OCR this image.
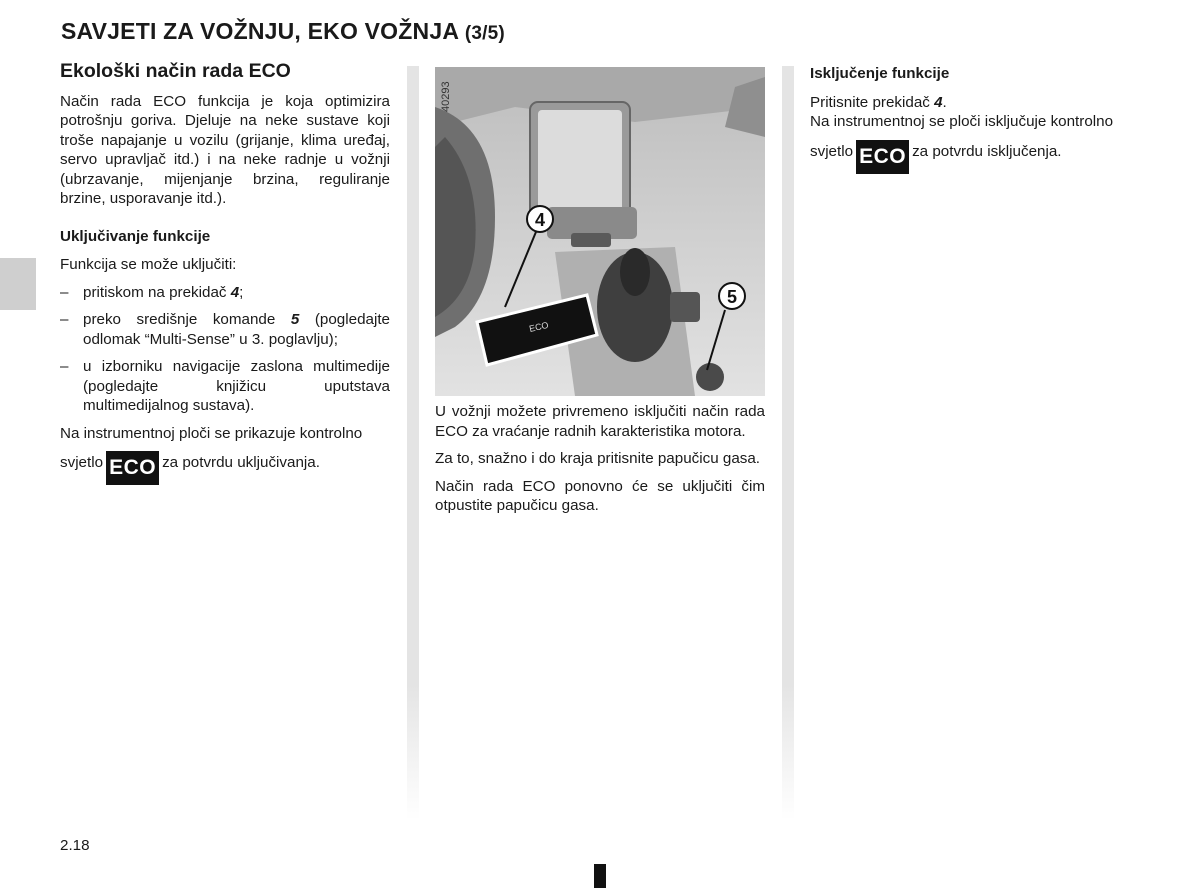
SAVJETI ZA VOŽNJU, EKO VOŽNJA (3/5)
Ekološki način rada ECO

Način rada ECO funkcija je koja optimizira potrošnju goriva. Djeluje na neke sustave koji troše napajanje u vozilu (grijanje, klima uređaj, servo upravljač itd.) i na neke radnje u vožnji (ubrzavanje, mijenjanje brzina, reguliranje brzine, usporavanje itd.).

Uključivanje funkcije

Funkcija se može uključiti:

– pritiskom na prekidač 4;
– preko središnje komande 5 (pogledajte odlomak “Multi-Sense” u 3. poglavlju);
– u izborniku navigacije zaslona multimedije (pogledajte knjižicu uputstava multimedijalnog sustava).

Na instrumentnoj ploči se prikazuje kontrolno

svjetlo ECO za potvrdu uključivanja.

ECO
4
5
40293

U vožnji možete privremeno isključiti način rada ECO za vraćanje radnih karakteristika motora.

Za to, snažno i do kraja pritisnite papučicu gasa.

Način rada ECO ponovno će se uključiti čim otpustite papučicu gasa.

Isključenje funkcije

Pritisnite prekidač 4.

Na instrumentnoj se ploči isključuje kontrolno

svjetlo ECO za potvrdu isključenja.

2.18
